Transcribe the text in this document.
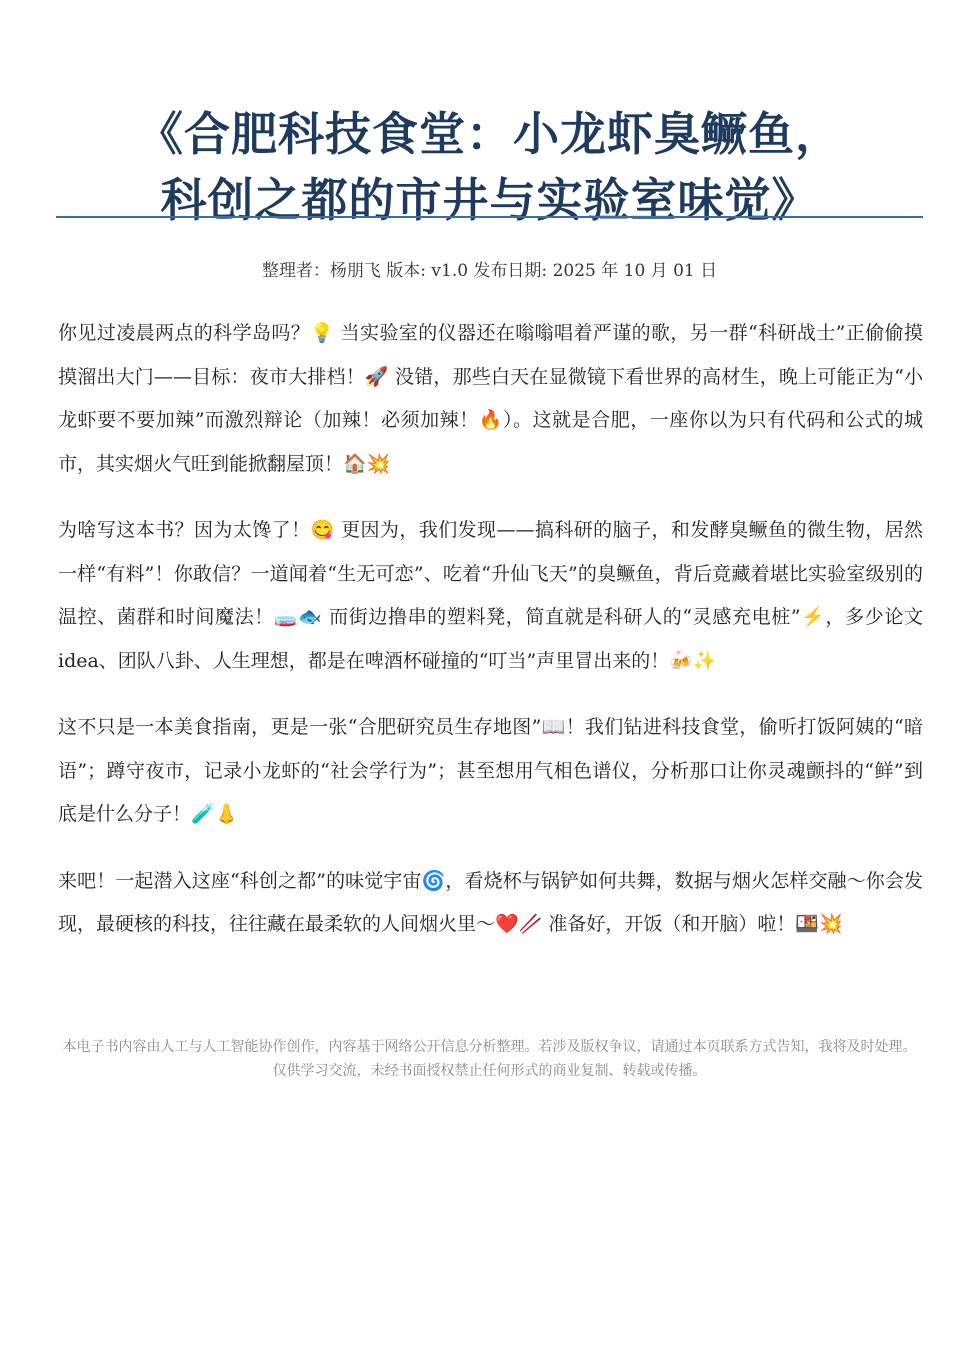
《合肥科技食堂：小龙虾臭鳜鱼，
科创之都的市井与实验室味觉》
整理者：杨朋飞 版本: v1.0 发布日期: 2025 年 10 月 01 日

你见过凌晨两点的科学岛吗？💡 当实验室的仪器还在嗡嗡唱着严谨的歌，另一群“科研战士”正偷偷摸摸溜出大门——目标：夜市大排档！🚀 没错，那些白天在显微镜下看世界的高材生，晚上可能正为“小龙虾要不要加辣”而激烈辩论（加辣！必须加辣！🔥）。这就是合肥，一座你以为只有代码和公式的城市，其实烟火气旺到能掀翻屋顶！🏠💥

为啥写这本书？因为太馋了！😋 更因为，我们发现——搞科研的脑子，和发酵臭鳜鱼的微生物，居然一样“有料”！你敢信？一道闻着“生无可恋”、吃着“升仙飞天”的臭鳜鱼，背后竟藏着堪比实验室级别的温控、菌群和时间魔法！🧫🐟 而街边撸串的塑料凳，简直就是科研人的“灵感充电桩”⚡，多少论文 idea、团队八卦、人生理想，都是在啤酒杯碰撞的“叮当”声里冒出来的！🍻✨

这不只是一本美食指南，更是一张“合肥研究员生存地图”📖！我们钻进科技食堂，偷听打饭阿姨的“暗语”；蹲守夜市，记录小龙虾的“社会学行为”；甚至想用气相色谱仪，分析那口让你灵魂颤抖的“鲜”到底是什么分子！🧪👃

来吧！一起潜入这座“科创之都”的味觉宇宙🌀，看烧杯与锅铲如何共舞，数据与烟火怎样交融～你会发现，最硬核的科技，往往藏在最柔软的人间烟火里～❤️🥢 准备好，开饭（和开脑）啦！🍱💥

本电子书内容由人工与人工智能协作创作，内容基于网络公开信息分析整理。若涉及版权争议，请通过本页联系方式告知，我将及时处理。仅供学习交流，未经书面授权禁止任何形式的商业复制、转载或传播。
